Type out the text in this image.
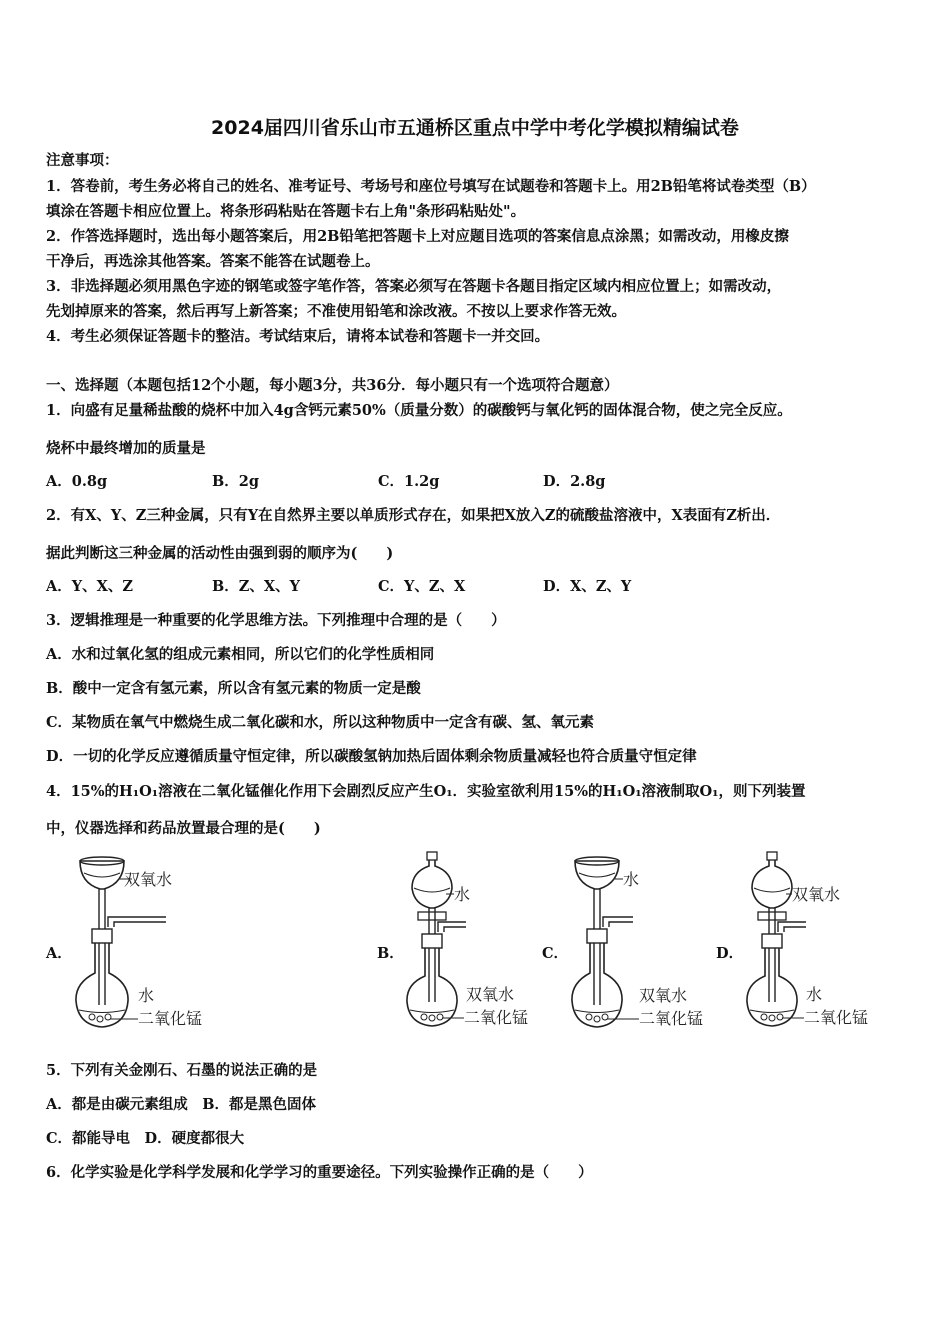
2024届四川省乐山市五通桥区重点中学中考化学模拟精编试卷
注意事项：
1．答卷前，考生务必将自己的姓名、准考证号、考场号和座位号填写在试题卷和答题卡上。用2B铅笔将试卷类型（B）
填涂在答题卡相应位置上。将条形码粘贴在答题卡右上角"条形码粘贴处"。
2．作答选择题时，选出每小题答案后，用2B铅笔把答题卡上对应题目选项的答案信息点涂黑；如需改动，用橡皮擦
干净后，再选涂其他答案。答案不能答在试题卷上。
3．非选择题必须用黑色字迹的钢笔或签字笔作答，答案必须写在答题卡各题目指定区域内相应位置上；如需改动，
先划掉原来的答案，然后再写上新答案；不准使用铅笔和涂改液。不按以上要求作答无效。
4．考生必须保证答题卡的整洁。考试结束后，请将本试卷和答题卡一并交回。
一、选择题（本题包括12个小题，每小题3分，共36分．每小题只有一个选项符合题意）
1．向盛有足量稀盐酸的烧杯中加入4g含钙元素50%（质量分数）的碳酸钙与氧化钙的固体混合物，使之完全反应。
烧杯中最终增加的质量是
A．0.8g	B．2g	C．1.2g	D．2.8g
2．有X、Y、Z三种金属，只有Y在自然界主要以单质形式存在，如果把X放入Z的硫酸盐溶液中，X表面有Z析出．
据此判断这三种金属的活动性由强到弱的顺序为(　　)
A．Y、X、Z	B．Z、X、Y	C．Y、Z、X	D．X、Z、Y
3．逻辑推理是一种重要的化学思维方法。下列推理中合理的是（　　）
A．水和过氧化氢的组成元素相同，所以它们的化学性质相同
B．酸中一定含有氢元素，所以含有氢元素的物质一定是酸
C．某物质在氧气中燃烧生成二氧化碳和水，所以这种物质中一定含有碳、氢、氧元素
D．一切的化学反应遵循质量守恒定律，所以碳酸氢钠加热后固体剩余物质量减轻也符合质量守恒定律
4．15%的H₁O₁溶液在二氧化锰催化作用下会剧烈反应产生O₁．实验室欲利用15%的H₁O₁溶液制取O₁，则下列装置
中，仪器选择和药品放置最合理的是(　　)
A．
双氧水
水
二氧化锰
B．
水
双氧水
二氧化锰
C．
水
双氧水
二氧化锰
D．
双氧水
水
二氧化锰
5．下列有关金刚石、石墨的说法正确的是
A．都是由碳元素组成　B．都是黑色固体
C．都能导电　D．硬度都很大
6．化学实验是化学科学发展和化学学习的重要途径。下列实验操作正确的是（　　）
